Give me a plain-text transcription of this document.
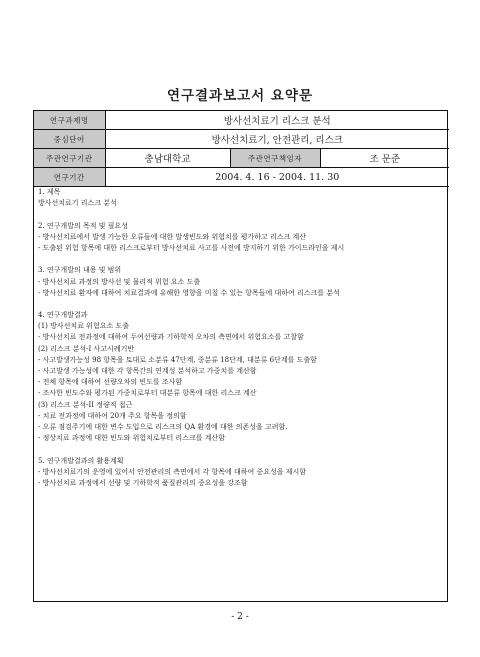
연구결과보고서 요약문
연구과제명	방사선치료기 리스크 분석		
중심단어	방사선치료기, 안전관리, 리스크		
주관연구기관	충남대학교	주관연구책임자	조 문준
연구기간	2004. 4. 16 - 2004. 11. 30		
1. 제목
방사선치료기 리스크 분석
2. 연구개발의 목적 및 필요성
- 방사선치료에서 발생 가능한 오류들에 대한 발생빈도와 위험치를 평가하고 리스크 계산
- 도출된 위험 항목에 대한 리스크로부터 방사선치료 사고를 사전에 방지하기 위한 가이드라인을 제시
3. 연구개발의 내용 및 범위
- 방사선치료 과정의 방사선 및 물리적 위험 요소 도출
- 방사선치료 환자에 대하여 치료결과에 유해한 영향을 미칠 수 있는 항목들에 대하여 리스크를 분석
4. 연구개발결과
(1) 방사선치료 위험요소 도출
- 방사선치료 전과정에 대하여 두여선량과 기하학적 오차의 측면에서 위험요소를 고찰함
(2) 리스크 분석-I 사고시례기반
- 사고발생가능성 98 항목을 토대로 소분류 47단계, 중분류 18단계, 대분류 6단계를 도출함
- 사고발생 가능성에 대한 각 항목간의 연계성 분석하고 가중치를 계산함
- 전체 항목에 대하여 선량오차의 빈도를 조사함
- 조사한 빈도수와 평가된 가중치로부터 대분류 항목에 대한 리스크 계산
(3) 리스크 분석-II 정량적 접근
- 치료 전과정에 대하여 20개 주요 항목을 정의함
- 오류 점검주기에 대한 변수 도입으로 리스크의 QA 환경에 대한 의존성을 고려함.
- 정상치료 과정에 대한 빈도와 위험치로부터 리스크를 계산함
5. 연구개발결과의 활용계획
- 방사선치료기의 운영에 있어서 안전관리의 측면에서 각 항목에 대하여 중요성을 제시함
- 방사선치료 과정에서 선량 및 기하학적 품질관리의 중요성을 강조함
- 2 -
